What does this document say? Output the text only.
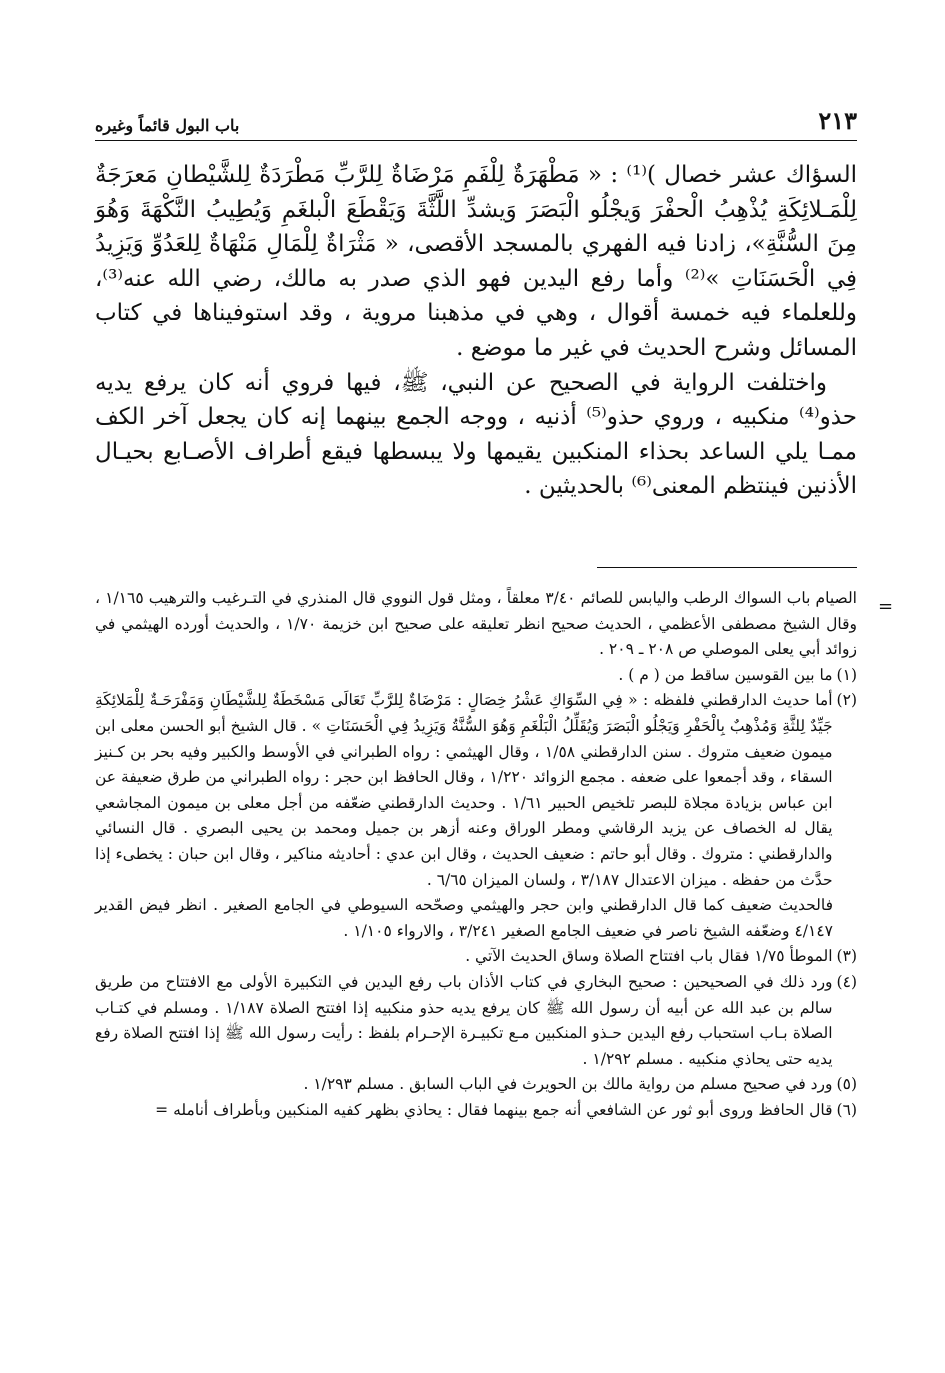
٢١٣
باب البول قائماً وغيره

السؤاك عشر خصال )⁽¹⁾ : « مَطْهَرَةٌ لِلْفَمِ مَرْضَاةٌ لِلرَّبِّ مَطْرَدَةٌ لِلشَّيْطانِ مَعرَجَةٌ لِلْمَـلائِكَةِ يُذْهِبُ الْحفْرَ وَيجْلُو الْبَصَرَ وَيشدِّ اللَّثَّةَ وَيَقْطَعَ الْبلغَمِ وَيُطِيبُ النَّكْهَةَ وَهُوَ مِنَ السُّنَّةِ»، زادنا فيه الفهري بالمسجد الأقصى، « مَثْرَاةٌ لِلْمَالِ مَنْهَاةٌ لِلعَدُوِّ وَيَزِيدُ فِي الْحَسَنَاتِ »⁽²⁾ وأما رفع اليدين فهو الذي صدر به مالك، رضي الله عنه⁽³⁾، وللعلماء فيه خمسة أقوال ، وهي في مذهبنا مروية ، وقد استوفيناها في كتاب المسائل وشرح الحديث في غير ما موضع .

واختلفت الرواية في الصحيح عن النبي، ﷺ، فيها فروي أنه كان يرفع يديه حذو⁽⁴⁾ منكبيه ، وروي حذو⁽⁵⁾ أذنيه ، ووجه الجمع بينهما إنه كان يجعل آخر الكف ممـا يلي الساعد بحذاء المنكبين يقيمها ولا يبسطها فيقع أطراف الأصـابع بحيـال الأذنين فينتظم المعنى⁽⁶⁾ بالحديثين .

=
الصيام باب السواك الرطب واليابس للصائم ٣/٤٠ معلقاً ، ومثل قول النووي قال المنذري في التـرغيب والترهيب ١/١٦٥ ، وقال الشيخ مصطفى الأعظمي ، الحديث صحيح انظر تعليقه على صحيح ابن خزيمة ١/٧٠ ، والحديث أورده الهيثمي في زوائد أبي يعلى الموصلي ص ٢٠٨ ـ ٢٠٩ .
(١)
ما بين القوسين ساقط من ( م ) .
(٢)
أما حديث الدارقطني فلفظه : « فِي السِّوَاكِ عَشْرُ خِصَالٍ : مَرْضَاةٌ لِلرَّبِّ تَعَالَى مَسْخَطَةٌ لِلشَّيْطَانِ وَمَفْرَحَـةٌ لِلْمَلائِكَةِ جَيِّدٌ لِلثَّةِ وَمُذْهِبٌ بِالْحَفْرِ وَيَجْلُو الْبَصَرَ وَيُقَلِّلُ الْبَلْغَمِ وَهُوَ السُّنَّةُ وَيَزِيدُ فِي الْحَسَنَاتِ » . قال الشيخ أبو الحسن معلى ابن ميمون ضعيف متروك . سنن الدارقطني ١/٥٨ ، وقال الهيثمي : رواه الطبراني في الأوسط والكبير وفيه بحر بن كـنيز السقاء ، وقد أجمعوا على ضعفه . مجمع الزوائد ١/٢٢٠ ، وقال الحافظ ابن حجر : رواه الطبراني من طرق ضعيفة عن ابن عباس بزيادة مجلاة للبصر تلخيص الحبير ١/٦١ . وحديث الدارقطني ضعّفه من أجل معلى بن ميمون المجاشعي يقال له الخصاف عن يزيد الرقاشي ومطر الوراق وعنه أزهر بن جميل ومحمد بن يحيى البصري . قال النسائي والدارقطني : متروك . وقال أبو حاتم : ضعيف الحديث ، وقال ابن عدي : أحاديثه مناكير ، وقال ابن حبان : يخطىء إذا حدَّث من حفظه . ميزان الاعتدال ٣/١٨٧ ، ولسان الميزان ٦/٦٥ .
فالحديث ضعيف كما قال الدارقطني وابن حجر والهيثمي وصحّحه السيوطي في الجامع الصغير . انظر فيض القدير ٤/١٤٧ وضعّفه الشيخ ناصر في ضعيف الجامع الصغير ٣/٢٤١ ، والارواء ١/١٠٥ .
(٣)
الموطأ ١/٧٥ فقال باب افتتاح الصلاة وساق الحديث الآتي .
(٤)
ورد ذلك في الصحيحين : صحيح البخاري في كتاب الأذان باب رفع اليدين في التكبيرة الأولى مع الافتتاح من طريق سالم بن عبد الله عن أبيه أن رسول الله ﷺ كان يرفع يديه حذو منكبيه إذا افتتح الصلاة ١/١٨٧ . ومسلم في كتـاب الصلاة بـاب استحباب رفع اليدين حـذو المنكبين مـع تكبيـرة الإحـرام بلفظ : رأيت رسول الله ﷺ إذا افتتح الصلاة رفع يديه حتى يحاذي منكبيه . مسلم ١/٢٩٢ .
(٥)
ورد في صحيح مسلم من رواية مالك بن الحويرث في الباب السابق . مسلم ١/٢٩٣ .
(٦)
قال الحافظ وروى أبو ثور عن الشافعي أنه جمع بينهما فقال : يحاذي بظهر كفيه المنكبين وبأطراف أنامله =
